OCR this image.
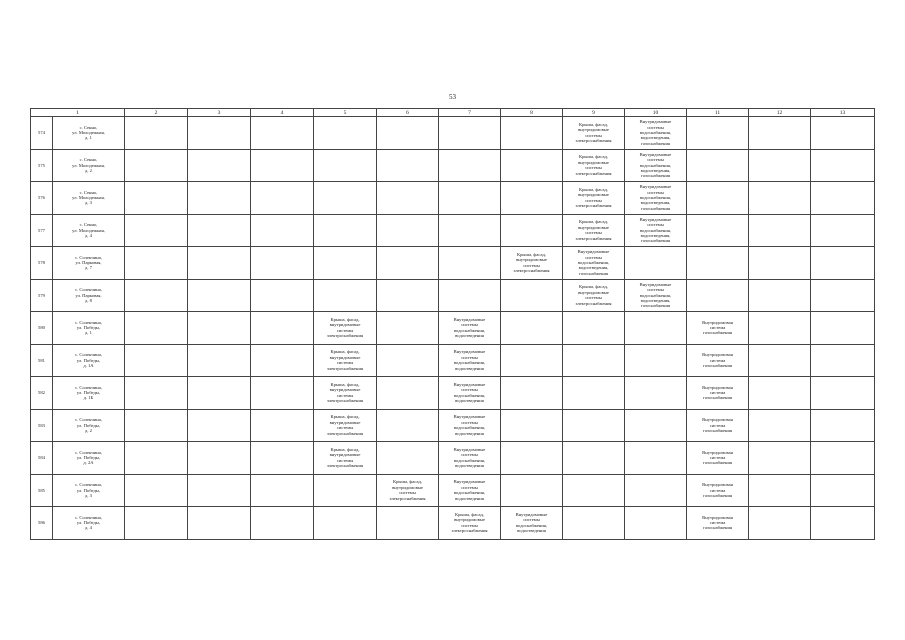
53
1		2	3	4	5	6	7	8	9	10	11	12	13
574	с. Сенно,
ул. Молодежная,
д. 1								Крыша, фасад,
внутридомовые
системы
электроснабжения	Внутридомовые
системы
водоснабжения,
водоотведения,
газоснабжения			

575	с. Сенно,
ул. Молодежная,
д. 2								Крыша, фасад,
внутридомовые
системы
электроснабжения	Внутридомовые
системы
водоснабжения,
водоотведения,
газоснабжения			

576	с. Сенно,
ул. Молодежная,
д. 3								Крыша, фасад,
внутридомовые
системы
электроснабжения	Внутридомовые
системы
водоснабжения,
водоотведения,
газоснабжения			

577	с. Сенно,
ул. Молодежная,
д. 4								Крыша, фасад,
внутридомовые
системы
электроснабжения	Внутридомовые
системы
водоснабжения,
водоотведения,
газоснабжения			

578	с. Соленчина,
ул. Парковая,
д. 7							Крыша, фасад,
внутридомовые
системы
электроснабжения	Внутридомовые
системы
водоснабжения,
водоотведения,
газоснабжения				

579	с. Соленчина,
ул. Парковая,
д. 8								Крыша, фасад,
внутридомовые
системы
электроснабжения	Внутридомовые
системы
водоснабжения,
водоотведения,
газоснабжения			

580	с. Соленчина,
ул. Победы,
д. 1				Крыша, фасад,
внутридомовые
системы
электроснабжения		Внутридомовые
системы
водоснабжения,
водоотведения				Внутридомовая
система
газоснабжения		

581	с. Соленчина,
ул. Победы,
д. 1А				Крыша, фасад,
внутридомовые
системы
электроснабжения		Внутридомовые
системы
водоснабжения,
водоотведения				Внутридомовая
система
газоснабжения		

582	с. Соленчина,
ул. Победы,
д. 1Б				Крыша, фасад,
внутридомовые
системы
электроснабжения		Внутридомовые
системы
водоснабжения,
водоотведения				Внутридомовая
система
газоснабжения		

583	с. Соленчина,
ул. Победы,
д. 2				Крыша, фасад,
внутридомовые
системы
электроснабжения		Внутридомовые
системы
водоснабжения,
водоотведения				Внутридомовая
система
газоснабжения		

584	с. Соленчина,
ул. Победы,
д. 2А				Крыша, фасад,
внутридомовые
системы
электроснабжения		Внутридомовые
системы
водоснабжения,
водоотведения				Внутридомовая
система
газоснабжения		

585	с. Соленчина,
ул. Победы,
д. 3					Крыша, фасад,
внутридомовые
системы
электроснабжения	Внутридомовые
системы
водоснабжения,
водоотведения				Внутридомовая
система
газоснабжения		

586	с. Соленчина,
ул. Победы,
д. 4						Крыша, фасад,
внутридомовые
системы
электроснабжения	Внутридомовые
системы
водоснабжения,
водоотведения			Внутридомовая
система
газоснабжения		
